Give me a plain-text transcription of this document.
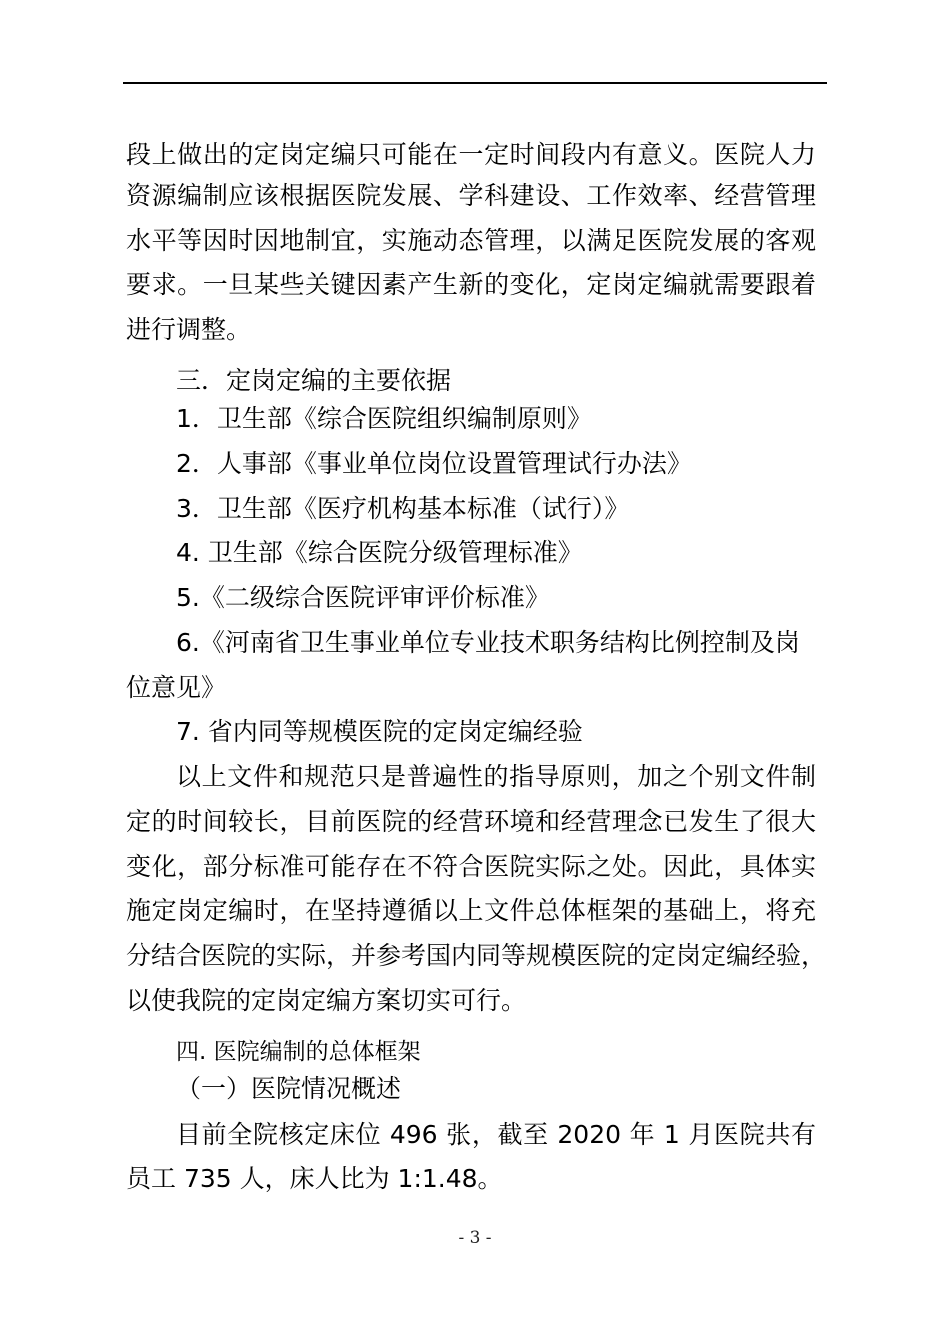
段上做出的定岗定编只可能在一定时间段内有意义。医院人力
资源编制应该根据医院发展、学科建设、工作效率、经营管理
水平等因时因地制宜，实施动态管理，以满足医院发展的客观
要求。一旦某些关键因素产生新的变化，定岗定编就需要跟着
进行调整。
三．定岗定编的主要依据
1．卫生部《综合医院组织编制原则》
2．人事部《事业单位岗位设置管理试行办法》
3．卫生部《医疗机构基本标准（试行）》
4. 卫生部《综合医院分级管理标准》
5.《二级综合医院评审评价标准》
6.《河南省卫生事业单位专业技术职务结构比例控制及岗
位意见》
7. 省内同等规模医院的定岗定编经验
以上文件和规范只是普遍性的指导原则，加之个别文件制
定的时间较长，目前医院的经营环境和经营理念已发生了很大
变化，部分标准可能存在不符合医院实际之处。因此，具体实
施定岗定编时，在坚持遵循以上文件总体框架的基础上，将充
分结合医院的实际，并参考国内同等规模医院的定岗定编经验，
以使我院的定岗定编方案切实可行。
四. 医院编制的总体框架
（一）医院情况概述
目前全院核定床位 496 张，截至 2020 年 1 月医院共有
员工 735 人，床人比为 1:1.48。
- 3 -
